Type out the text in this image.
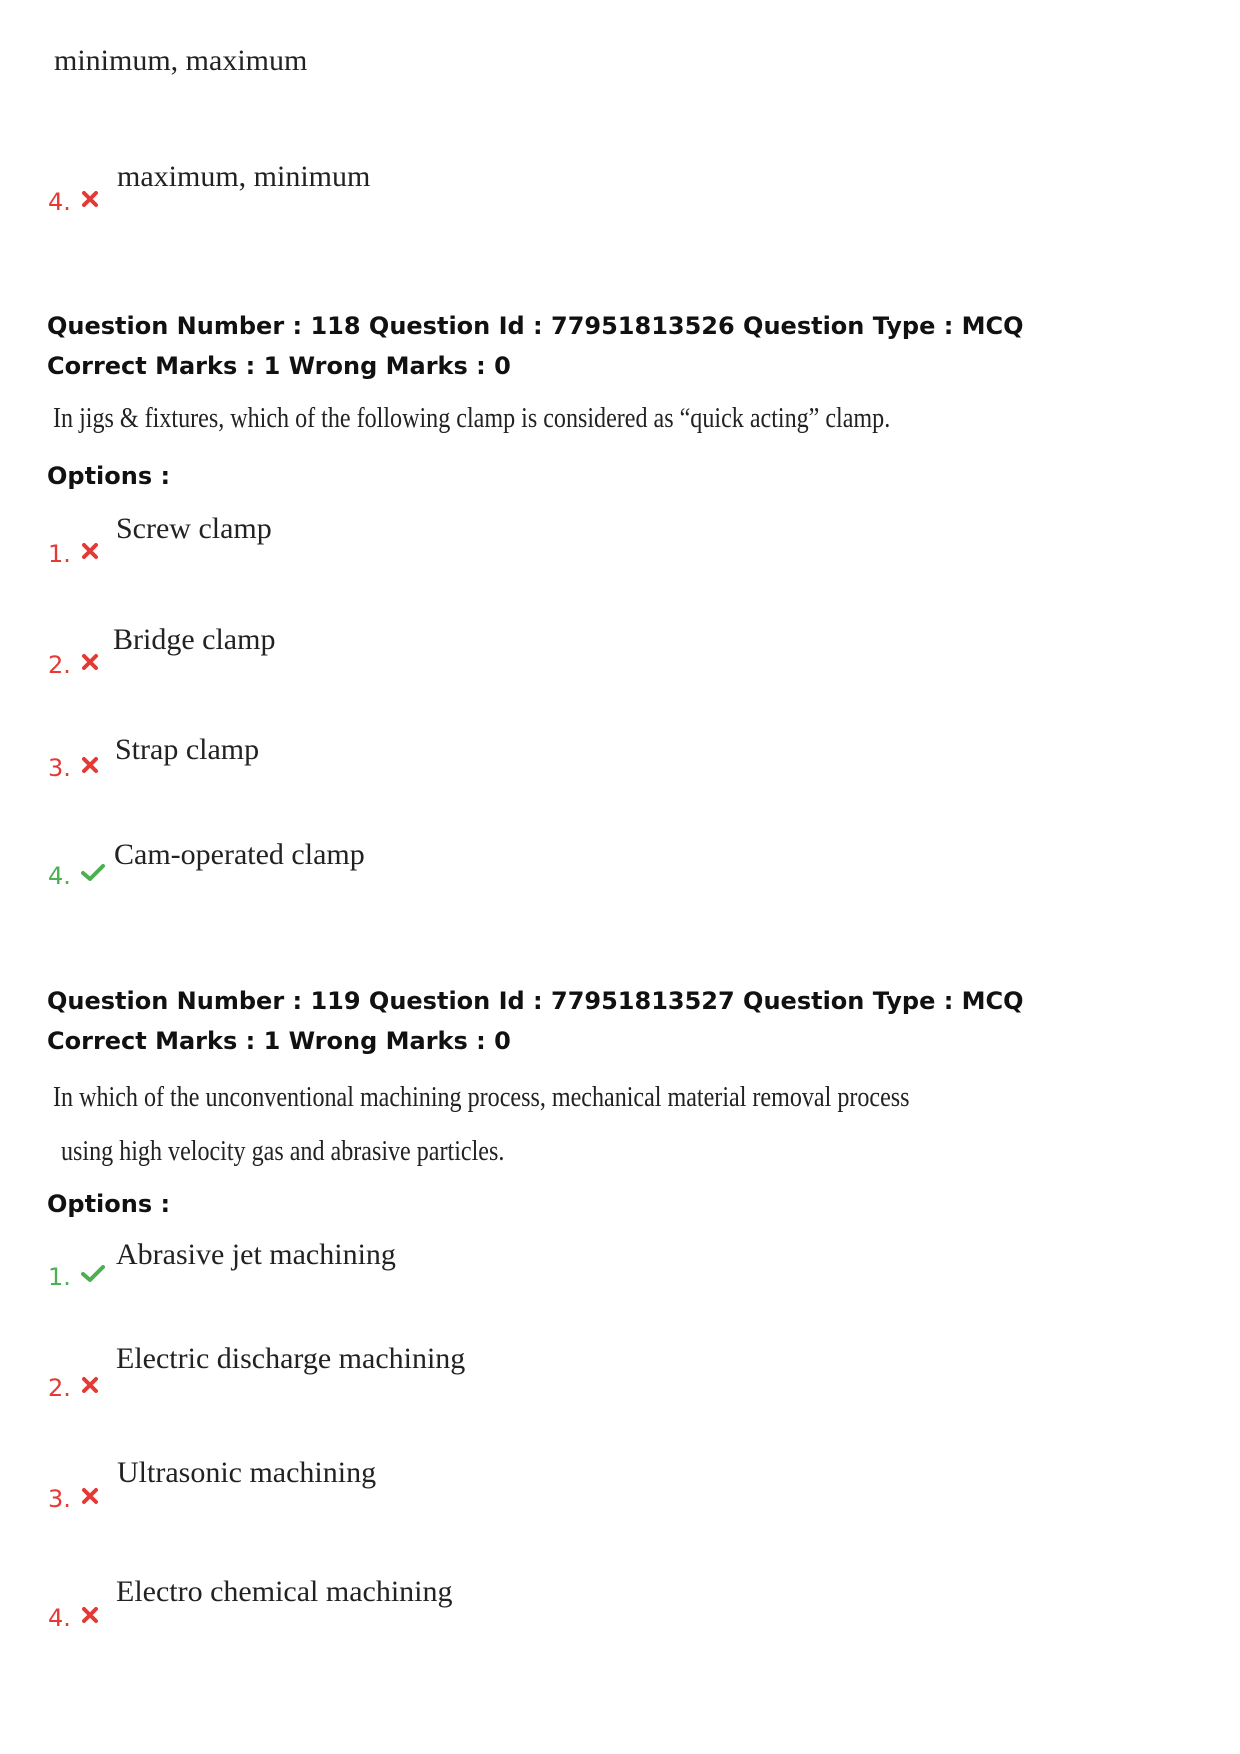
minimum, maximum
4.
maximum, minimum
Question Number : 118 Question Id : 77951813526 Question Type : MCQ
Correct Marks : 1 Wrong Marks : 0
In jigs & fixtures, which of the following clamp is considered as “quick acting” clamp.
Options :
1.
Screw clamp
2.
Bridge clamp
3.
Strap clamp
4.
Cam-operated clamp
Question Number : 119 Question Id : 77951813527 Question Type : MCQ
Correct Marks : 1 Wrong Marks : 0
In which of the unconventional machining process, mechanical material removal process
using high velocity gas and abrasive particles.
Options :
1.
Abrasive jet machining
2.
Electric discharge machining
3.
Ultrasonic machining
4.
Electro chemical machining
